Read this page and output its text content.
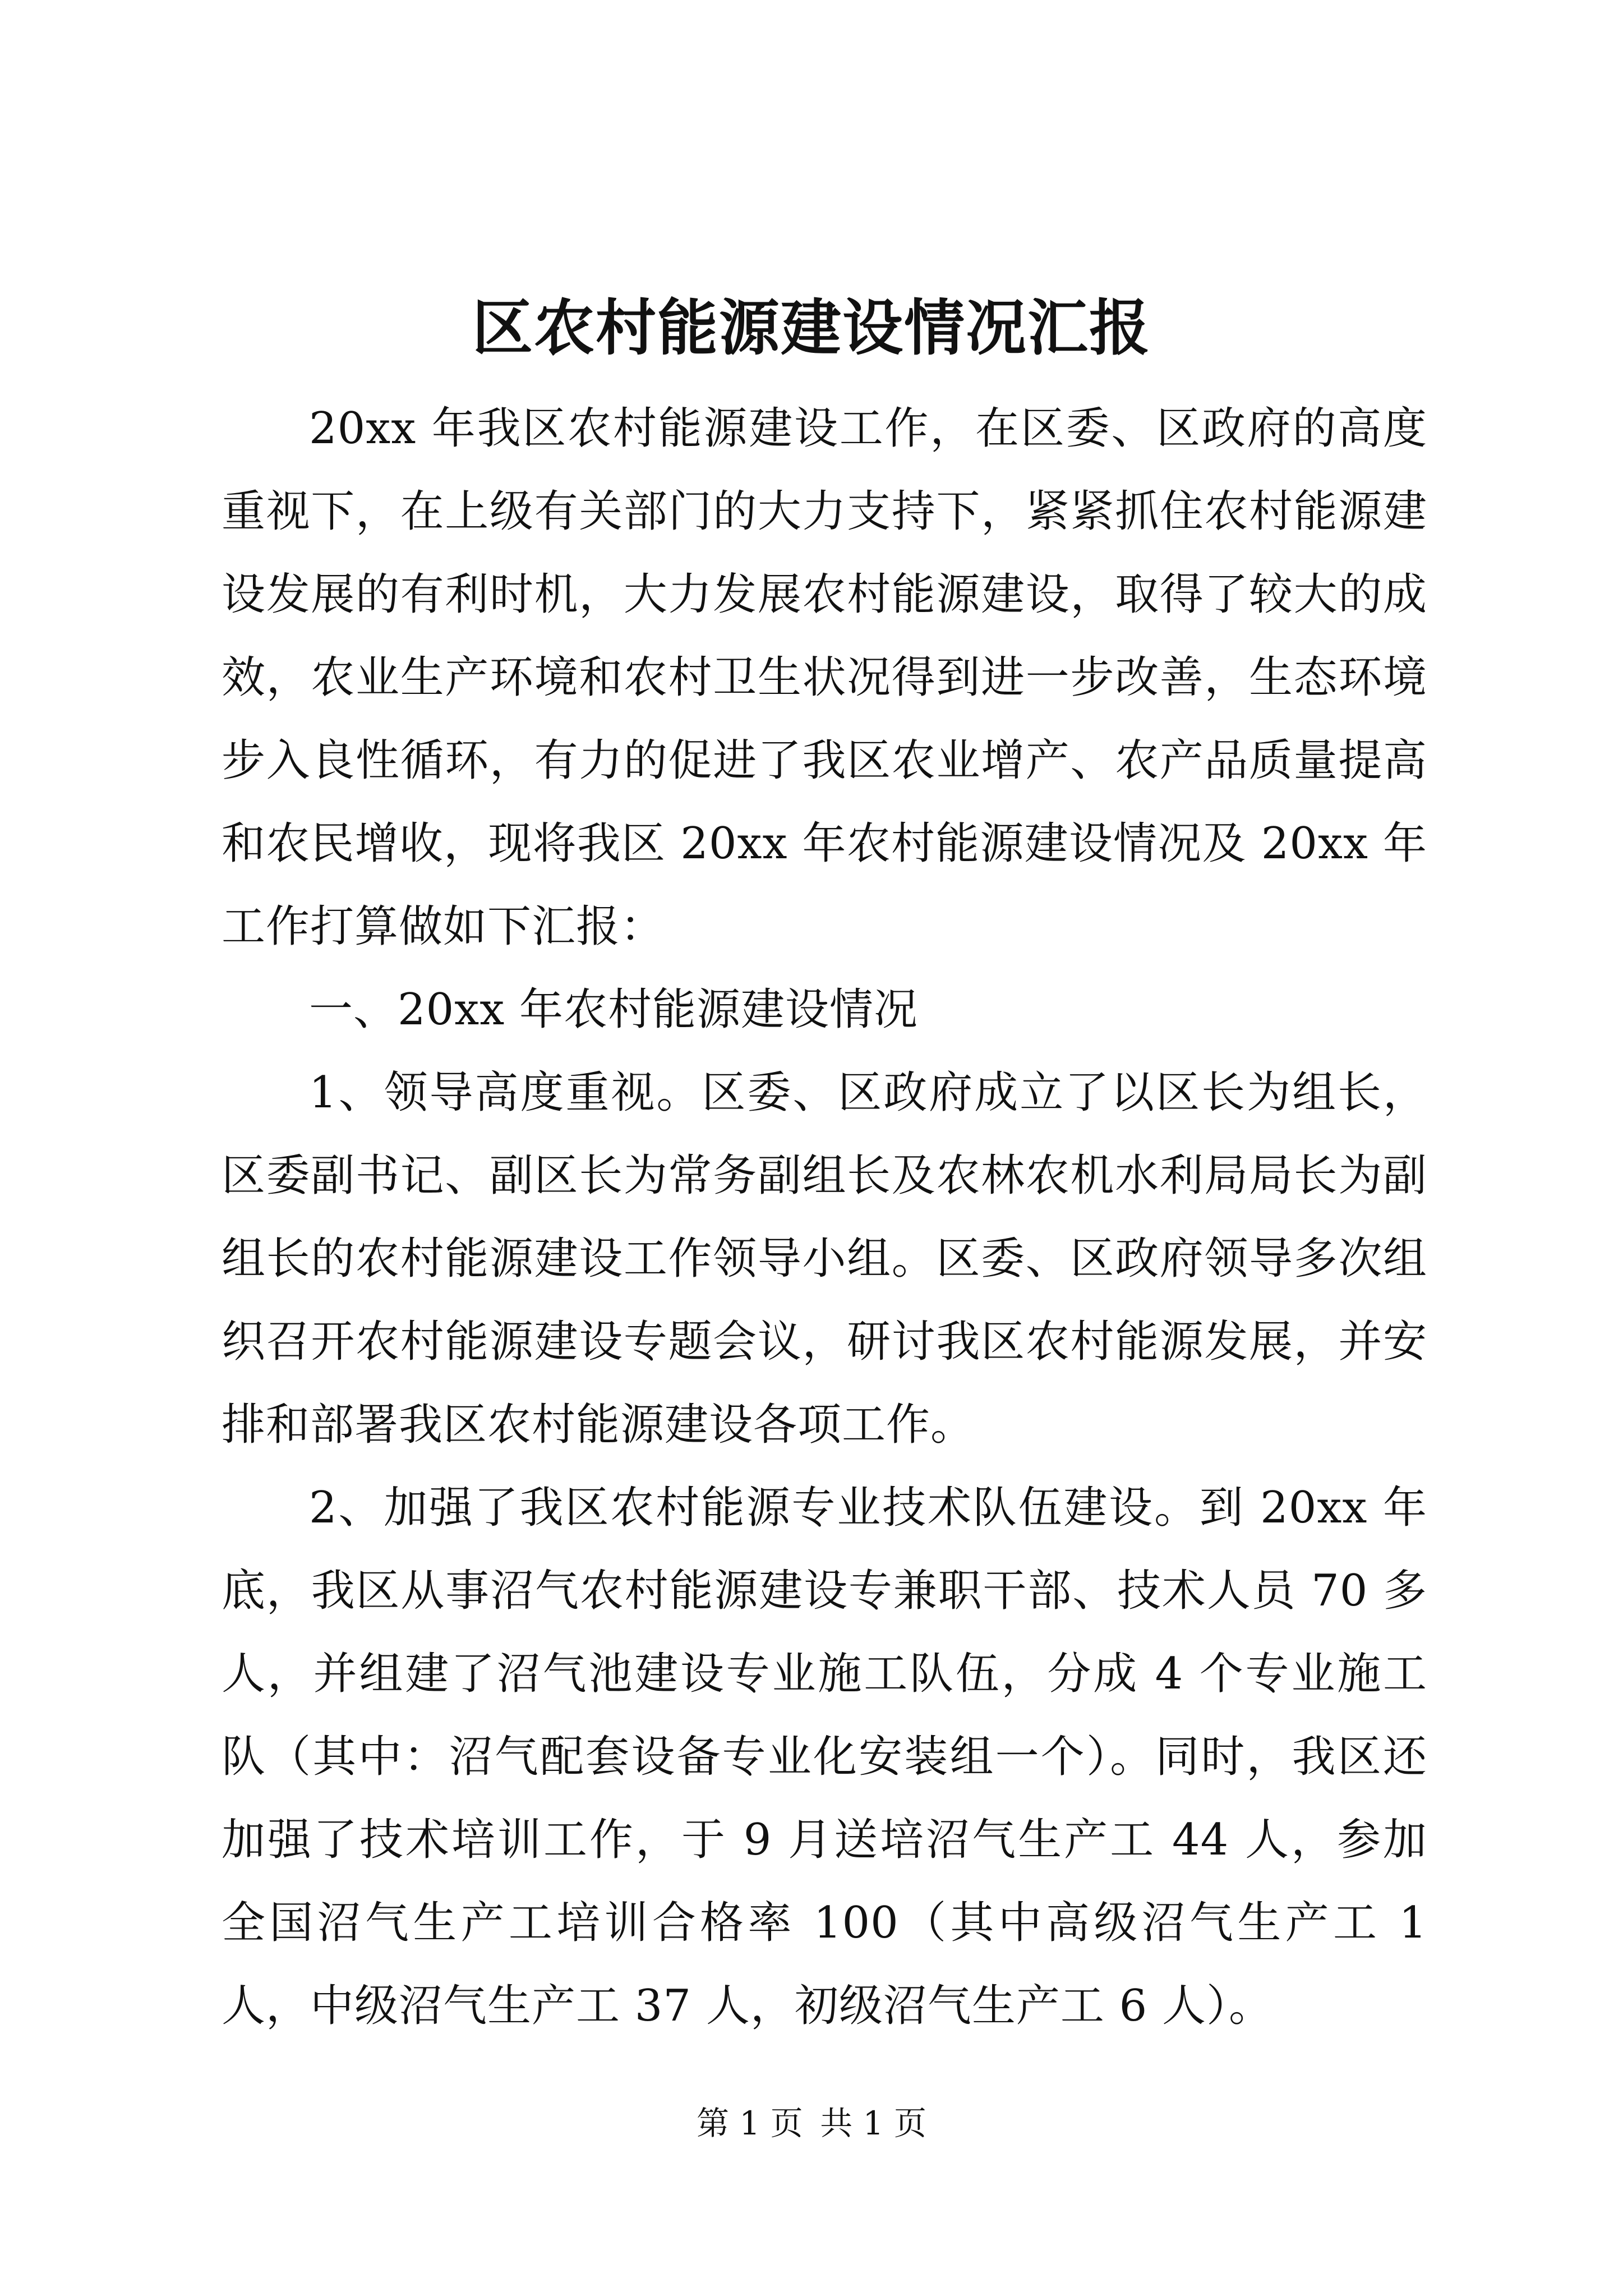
区农村能源建设情况汇报

20xx 年我区农村能源建设工作，在区委、区政府的高度重视下，在上级有关部门的大力支持下，紧紧抓住农村能源建设发展的有利时机，大力发展农村能源建设，取得了较大的成效，农业生产环境和农村卫生状况得到进一步改善，生态环境步入良性循环，有力的促进了我区农业增产、农产品质量提高和农民增收，现将我区 20xx 年农村能源建设情况及 20xx 年工作打算做如下汇报：

一、20xx 年农村能源建设情况

1、领导高度重视。区委、区政府成立了以区长为组长，区委副书记、副区长为常务副组长及农林农机水利局局长为副组长的农村能源建设工作领导小组。区委、区政府领导多次组织召开农村能源建设专题会议，研讨我区农村能源发展，并安排和部署我区农村能源建设各项工作。

2、加强了我区农村能源专业技术队伍建设。到 20xx 年底，我区从事沼气农村能源建设专兼职干部、技术人员 70 多人，并组建了沼气池建设专业施工队伍，分成 4 个专业施工队（其中：沼气配套设备专业化安装组一个）。同时，我区还加强了技术培训工作，于 9 月送培沼气生产工 44 人，参加全国沼气生产工培训合格率 100（其中高级沼气生产工 1 人，中级沼气生产工 37 人，初级沼气生产工 6 人）。

第 1 页 共 1 页
